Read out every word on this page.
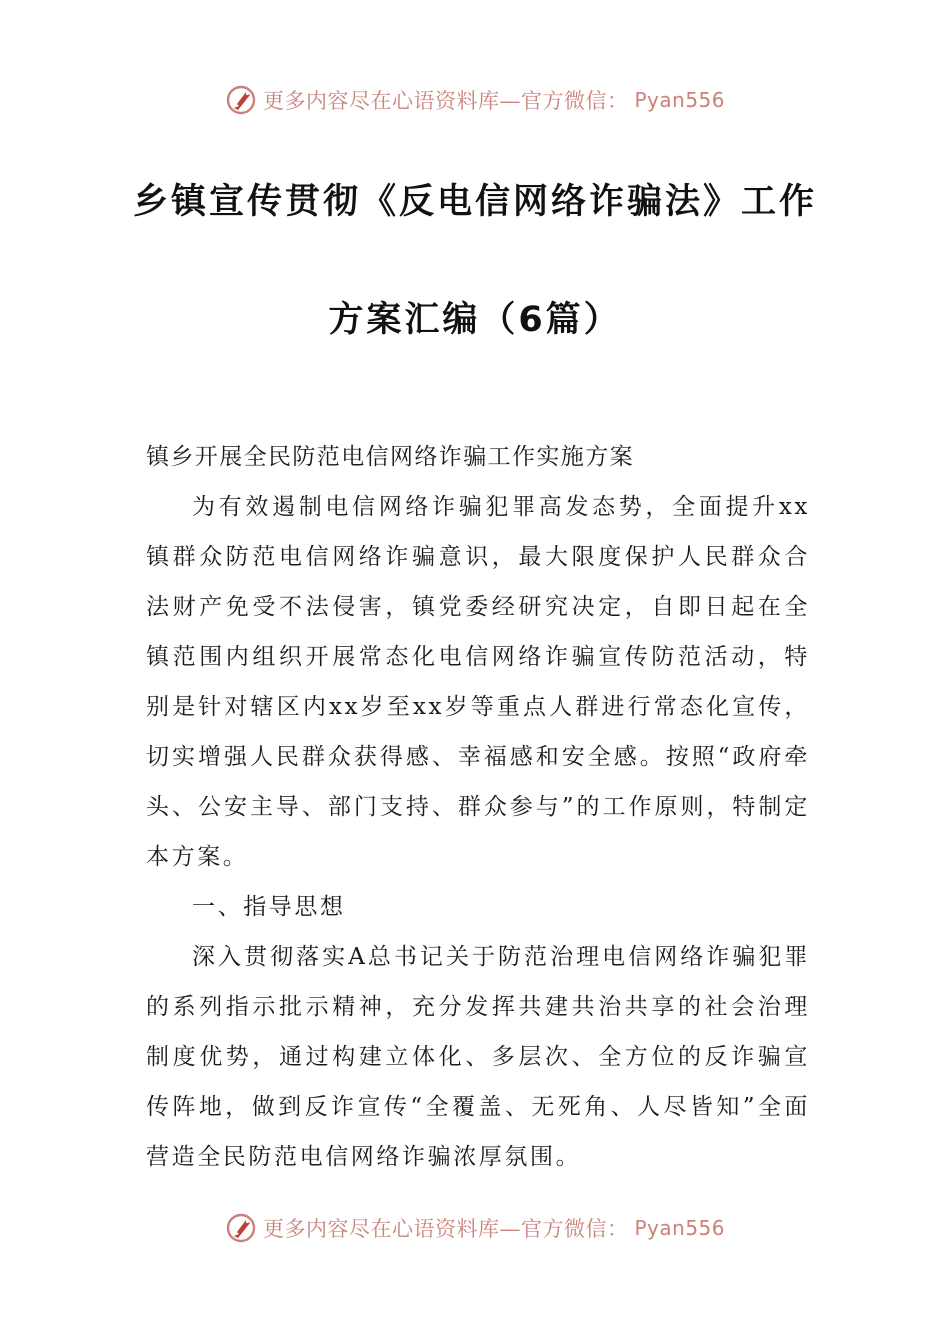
更多内容尽在心语资料库—官方微信： Pyan556
乡镇宣传贯彻《反电信网络诈骗法》工作
方案汇编（6篇）

镇乡开展全民防范电信网络诈骗工作实施方案

为有效遏制电信网络诈骗犯罪高发态势，全面提升xx镇群众防范电信网络诈骗意识，最大限度保护人民群众合法财产免受不法侵害，镇党委经研究决定，自即日起在全镇范围内组织开展常态化电信网络诈骗宣传防范活动，特别是针对辖区内xx岁至xx岁等重点人群进行常态化宣传，切实增强人民群众获得感、幸福感和安全感。按照“政府牵头、公安主导、部门支持、群众参与”的工作原则，特制定本方案。

一、指导思想

深入贯彻落实A总书记关于防范治理电信网络诈骗犯罪的系列指示批示精神，充分发挥共建共治共享的社会治理制度优势，通过构建立体化、多层次、全方位的反诈骗宣传阵地，做到反诈宣传“全覆盖、无死角、人尽皆知”全面营造全民防范电信网络诈骗浓厚氛围。

更多内容尽在心语资料库—官方微信： Pyan556
